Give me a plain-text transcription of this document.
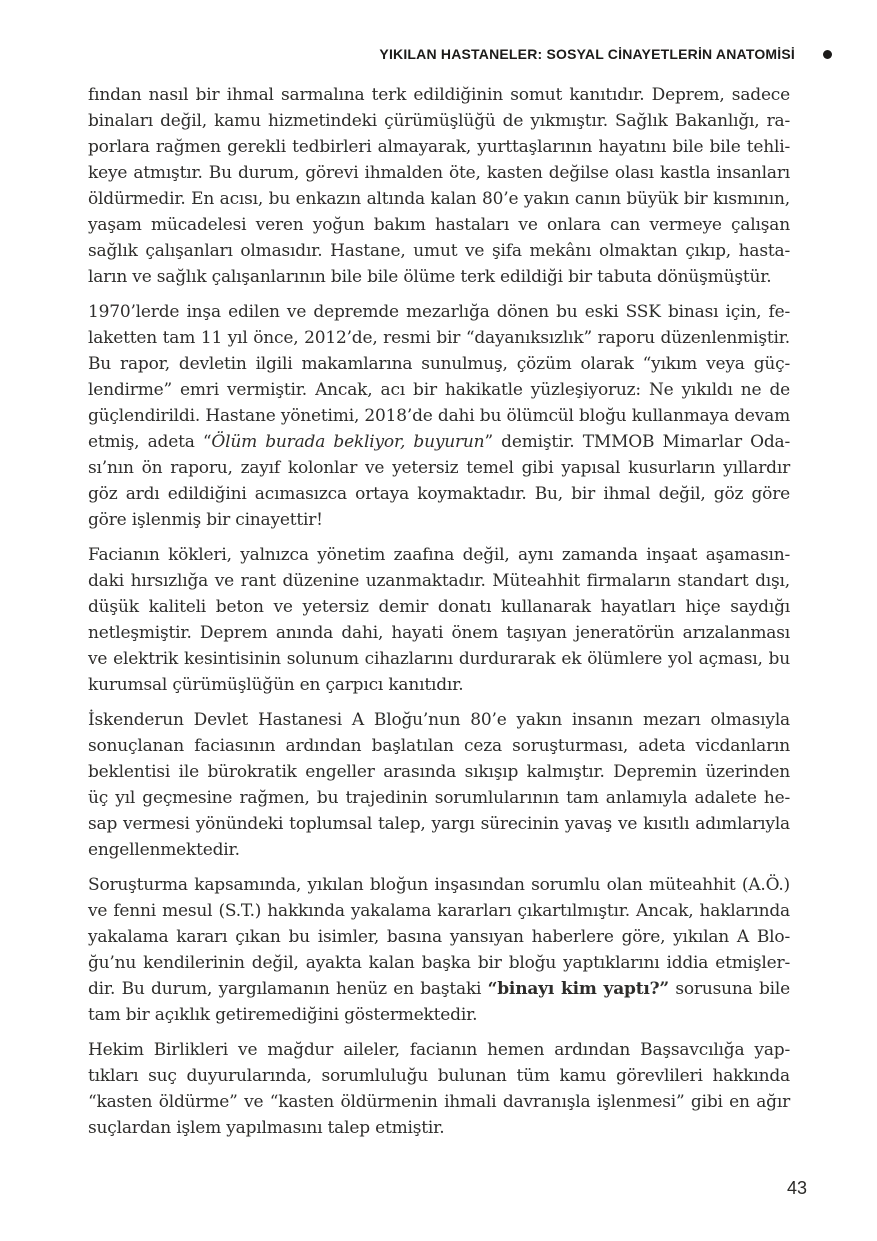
YIKILAN HASTANELER: SOSYAL CİNAYETLERİN ANATOMİSİ
fından nasıl bir ihmal sarmalına terk edildiğinin somut kanıtıdır. Deprem, sadece
binaları değil, kamu hizmetindeki çürümüşlüğü de yıkmıştır. Sağlık Bakanlığı, ra-
porlara rağmen gerekli tedbirleri almayarak, yurttaşlarının hayatını bile bile tehli-
keye atmıştır. Bu durum, görevi ihmalden öte, kasten değilse olası kastla insanları
öldürmedir. En acısı, bu enkazın altında kalan 80’e yakın canın büyük bir kısmının,
yaşam mücadelesi veren yoğun bakım hastaları ve onlara can vermeye çalışan
sağlık çalışanları olmasıdır. Hastane, umut ve şifa mekânı olmaktan çıkıp, hasta-
ların ve sağlık çalışanlarının bile bile ölüme terk edildiği bir tabuta dönüşmüştür.
1970’lerde inşa edilen ve depremde mezarlığa dönen bu eski SSK binası için, fe-
laketten tam 11 yıl önce, 2012’de, resmi bir “dayanıksızlık” raporu düzenlenmiştir.
Bu rapor, devletin ilgili makamlarına sunulmuş, çözüm olarak “yıkım veya güç-
lendirme” emri vermiştir. Ancak, acı bir hakikatle yüzleşiyoruz: Ne yıkıldı ne de
güçlendirildi. Hastane yönetimi, 2018’de dahi bu ölümcül bloğu kullanmaya devam
etmiş, adeta “Ölüm burada bekliyor, buyurun” demiştir. TMMOB Mimarlar Oda-
sı’nın ön raporu, zayıf kolonlar ve yetersiz temel gibi yapısal kusurların yıllardır
göz ardı edildiğini acımasızca ortaya koymaktadır. Bu, bir ihmal değil, göz göre
göre işlenmiş bir cinayettir!
Facianın kökleri, yalnızca yönetim zaafına değil, aynı zamanda inşaat aşamasın-
daki hırsızlığa ve rant düzenine uzanmaktadır. Müteahhit firmaların standart dışı,
düşük kaliteli beton ve yetersiz demir donatı kullanarak hayatları hiçe saydığı
netleşmiştir. Deprem anında dahi, hayati önem taşıyan jeneratörün arızalanması
ve elektrik kesintisinin solunum cihazlarını durdurarak ek ölümlere yol açması, bu
kurumsal çürümüşlüğün en çarpıcı kanıtıdır.
İskenderun Devlet Hastanesi A Bloğu’nun 80’e yakın insanın mezarı olmasıyla
sonuçlanan faciasının ardından başlatılan ceza soruşturması, adeta vicdanların
beklentisi ile bürokratik engeller arasında sıkışıp kalmıştır. Depremin üzerinden
üç yıl geçmesine rağmen, bu trajedinin sorumlularının tam anlamıyla adalete he-
sap vermesi yönündeki toplumsal talep, yargı sürecinin yavaş ve kısıtlı adımlarıyla
engellenmektedir.
Soruşturma kapsamında, yıkılan bloğun inşasından sorumlu olan müteahhit (A.Ö.)
ve fenni mesul (S.T.) hakkında yakalama kararları çıkartılmıştır. Ancak, haklarında
yakalama kararı çıkan bu isimler, basına yansıyan haberlere göre, yıkılan A Blo-
ğu’nu kendilerinin değil, ayakta kalan başka bir bloğu yaptıklarını iddia etmişler-
dir. Bu durum, yargılamanın henüz en baştaki “binayı kim yaptı?” sorusuna bile
tam bir açıklık getiremediğini göstermektedir.
Hekim Birlikleri ve mağdur aileler, facianın hemen ardından Başsavcılığa yap-
tıkları suç duyurularında, sorumluluğu bulunan tüm kamu görevlileri hakkında
“kasten öldürme” ve “kasten öldürmenin ihmali davranışla işlenmesi” gibi en ağır
suçlardan işlem yapılmasını talep etmiştir.
43
